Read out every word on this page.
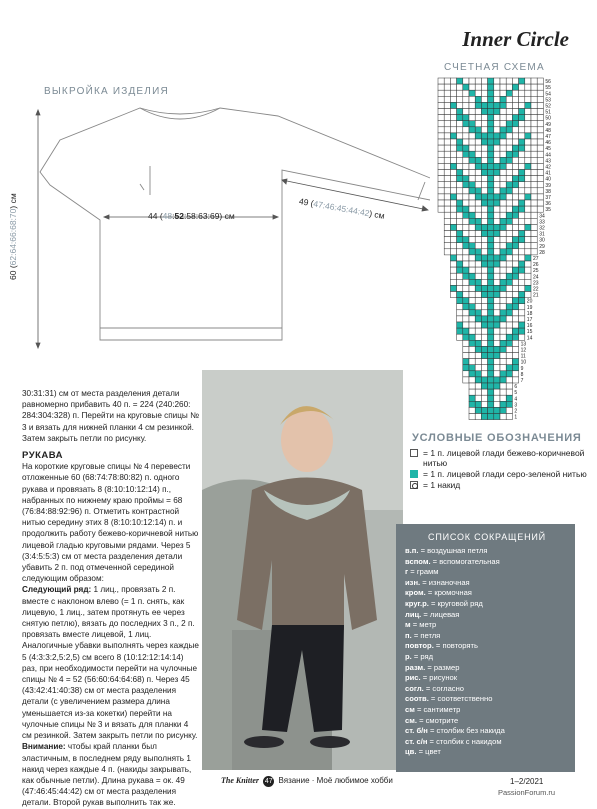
Inner Circle
ВЫКРОЙКА ИЗДЕЛИЯ
44 (48:52:58:63:69) см
49 (47:46:45:44:42) см
60 (62:64:66:68:70) см
СЧЕТНАЯ СХЕМА
56
55
54
53
52
51
50
49
48
47
46
45
44
43
42
41
40
39
38
37
36
35
34
33
32
31
30
29
28
27
26
25
24
23
22
21
20
19
18
17
16
15
14
13
12
11
10
9
8
7
6
5
4
3
2
1

30:31:31) см от места разделения детали равномерно прибавить 40 п. = 224 (240:260: 284:304:328) п. Перейти на круговые спицы № 3 и вязать для нижней планки 4 см резинкой. Затем закрыть петли по рисунку.

РУКАВА

На короткие круговые спицы № 4 перевести отложенные 60 (68:74:78:80:82) п. одного рукава и провязать 8 (8:10:10:12:14) п., набранных по нижнему краю проймы = 68 (76:84:88:92:96) п. Отметить контрастной нитью середину этих 8 (8:10:10:12:14) п. и продолжить работу бежево-коричневой нитью лицевой гладью круговыми рядами. Через 5 (3:4:5:5:3) см от места разделения детали убавить 2 п. под отмеченной серединой следующим образом:

Следующий ряд: 1 лиц., провязать 2 п. вместе с наклоном влево (= 1 п. снять, как лицевую, 1 лиц., затем протянуть ее через снятую петлю), вязать до последних 3 п., 2 п. провязать вместе лицевой, 1 лиц. Аналогичные убавки выполнять через каждые 5 (4:3:3:2,5:2,5) см всего 8 (10:12:12:14:14) раз, при необходимости перейти на чулочные спицы № 4 = 52 (56:60:64:64:68) п. Через 45 (43:42:41:40:38) см от места разделения детали (с увеличением размера длина уменьшается из-за кокетки) перейти на чулочные спицы № 3 и вязать для планки 4 см резинкой. Затем закрыть петли по рисунку.

Внимание: чтобы край планки был эластичным, в последнем ряду выполнять 1 накид через каждые 4 п. (накиды закрывать, как обычные петли). Длина рукава = ок. 49 (47:46:45:44:42) см от места разделения детали. Второй рукав выполнить так же.

УСЛОВНЫЕ ОБОЗНАЧЕНИЯ
= 1 п. лицевой глади бежево-коричневой нитью
= 1 п. лицевой глади серо-зеленой нитью
= 1 накид
СПИСОК СОКРАЩЕНИЙ
в.п. = воздушная петля
вспом. = вспомогательная
г = грамм
изн. = изнаночная
кром. = кромочная
круг.р. = круговой ряд
лиц. = лицевая
м = метр
п. = петля
повтор. = повторять
р. = ряд
разм. = размер
рис. = рисунок
согл. = согласно
соотв. = соответственно
см = сантиметр
см. = смотрите
ст. б/н = столбик без накида
ст. с/н = столбик с накидом
цв. = цвет
The Knitter 47 Вязание · Моё любимое хобби	1–2/2021
PassionForum.ru
